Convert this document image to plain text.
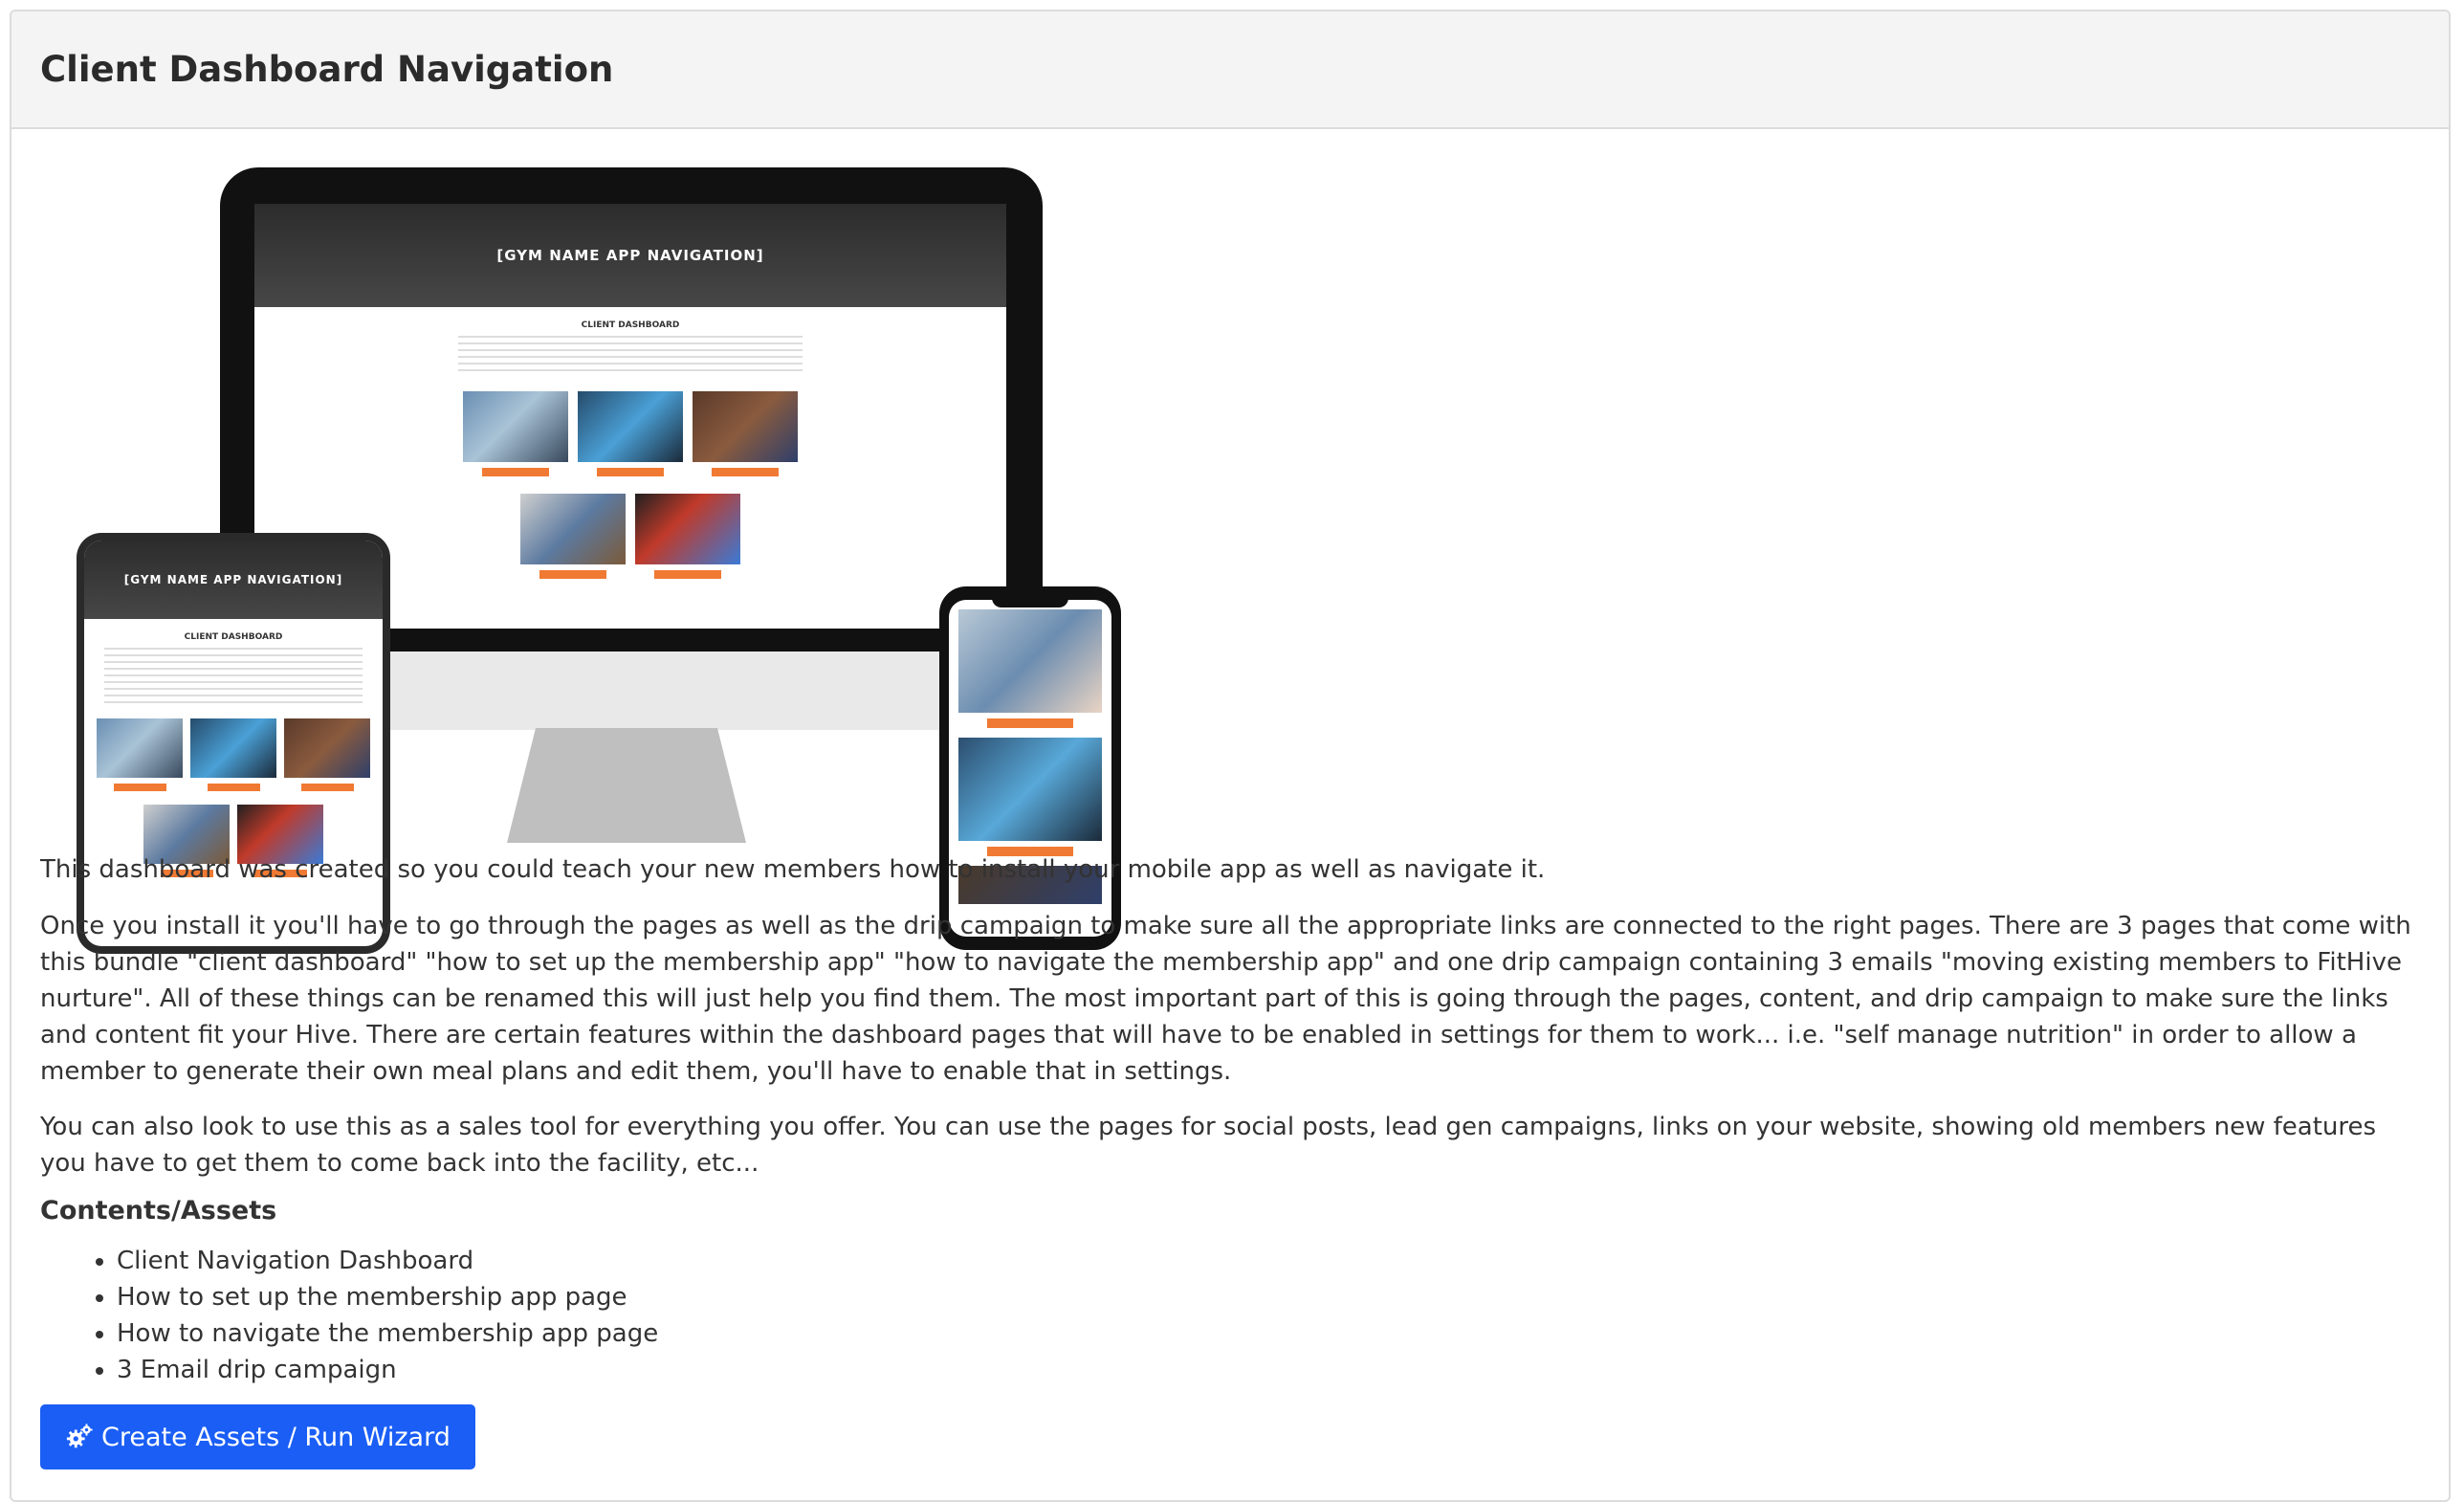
Client Dashboard Navigation
[GYM NAME APP NAVIGATION]
CLIENT DASHBOARD
[GYM NAME APP NAVIGATION]
CLIENT DASHBOARD

This dashboard was created so you could teach your new members how to install your mobile app as well as navigate it.

Once you install it you'll have to go through the pages as well as the drip campaign to make sure all the appropriate links are connected to the right pages. There are 3 pages that come with this bundle "client dashboard" "how to set up the membership app" "how to navigate the membership app" and one drip campaign containing 3 emails "moving existing members to FitHive nurture". All of these things can be renamed this will just help you find them. The most important part of this is going through the pages, content, and drip campaign to make sure the links and content fit your Hive. There are certain features within the dashboard pages that will have to be enabled in settings for them to work... i.e. "self manage nutrition" in order to allow a member to generate their own meal plans and edit them, you'll have to enable that in settings.

You can also look to use this as a sales tool for everything you offer. You can use the pages for social posts, lead gen campaigns, links on your website, showing old members new features you have to get them to come back into the facility, etc...

Contents/Assets
• Client Navigation Dashboard
• How to set up the membership app page
• How to navigate the membership app page
• 3 Email drip campaign
Create Assets / Run Wizard
